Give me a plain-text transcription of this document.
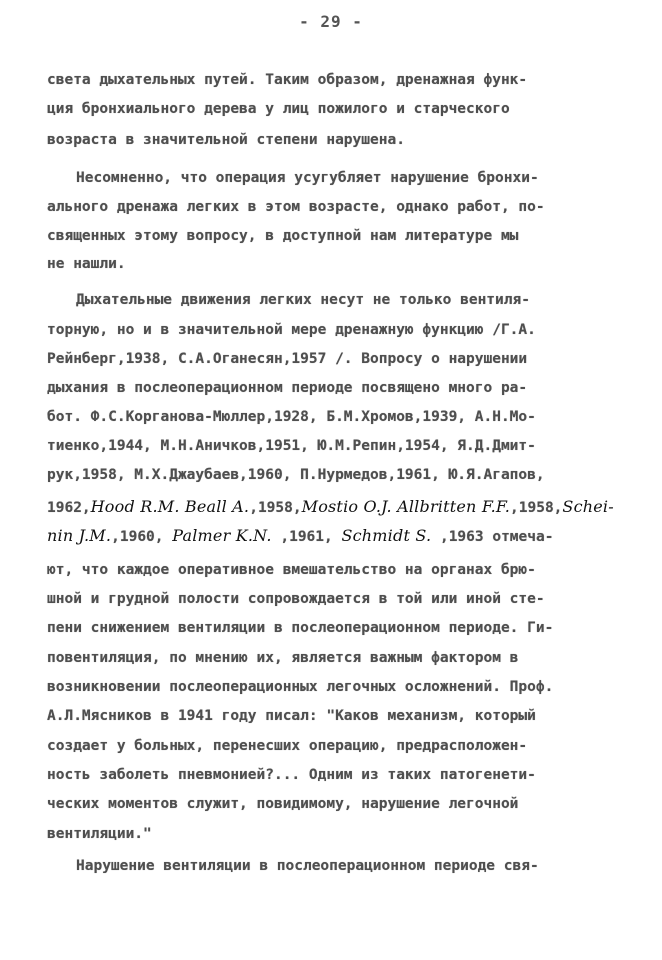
- 29 -
света дыхательных путей. Таким образом, дренажная функ-
ция бронхиального дерева у лиц пожилого и старческого
возраста в значительной степени нарушена.
Несомненно, что операция усугубляет нарушение бронхи-
ального дренажа легких в этом возрасте, однако работ, по-
священных этому вопросу, в доступной нам литературе мы
не нашли.
Дыхательные движения легких несут не только вентиля-
торную, но и в значительной мере дренажную функцию /Г.А.
Рейнберг,1938, С.А.Оганесян,1957 /. Вопросу о нарушении
дыхания в послеоперационном периоде посвящено много ра-
бот. Ф.С.Корганова-Мюллер,1928, Б.М.Хромов,1939, А.Н.Мо-
тиенко,1944, М.Н.Аничков,1951, Ю.М.Репин,1954, Я.Д.Дмит-
рук,1958, М.Х.Джаубаев,1960, П.Нурмедов,1961, Ю.Я.Агапов,
1962,Hood R.M. Beall A.,1958,Mostio O.J. Allbritten F.F.,1958,Schei-
nin J.M.,1960, Palmer K.N. ,1961, Schmidt S. ,1963 отмеча-
ют, что каждое оперативное вмешательство на органах брю-
шной и грудной полости сопровождается в той или иной сте-
пени снижением вентиляции в послеоперационном периоде. Ги-
повентиляция, по мнению их, является важным фактором в
возникновении послеоперационных легочных осложнений. Проф.
А.Л.Мясников в 1941 году писал: "Каков механизм, который
создает у больных, перенесших операцию, предрасположен-
ность заболеть пневмонией?... Одним из таких патогенети-
ческих моментов служит, повидимому, нарушение легочной
вентиляции."
Нарушение вентиляции в послеоперационном периоде свя-
